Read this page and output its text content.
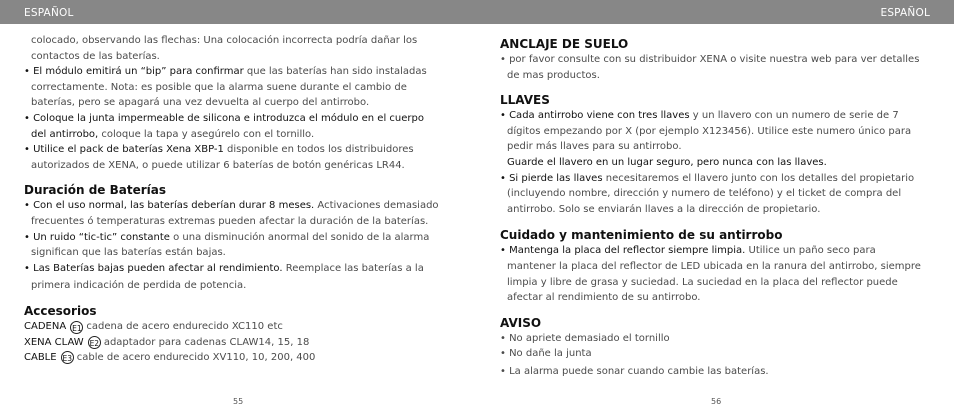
ESPAÑOL	ESPAÑOL
colocado, observando las flechas: Una colocación incorrecta podría dañar los
contactos de las baterías.
• El módulo emitirá un “bip” para confirmar que las baterías han sido instaladas
correctamente. Nota: es posible que la alarma suene durante el cambio de
baterías, pero se apagará una vez devuelta al cuerpo del antirrobo.
• Coloque la junta impermeable de silicona e introduzca el módulo en el cuerpo
del antirrobo, coloque la tapa y asegúrelo con el tornillo.
• Utilice el pack de baterías Xena XBP-1 disponible en todos los distribuidores
autorizados de XENA, o puede utilizar 6 baterías de botón genéricas LR44.
Duración de Baterías
• Con el uso normal, las baterías deberían durar 8 meses. Activaciones demasiado
frecuentes ó temperaturas extremas pueden afectar la duración de la baterías.
• Un ruido “tic-tic” constante o una disminución anormal del sonido de la alarma
significan que las baterías están bajas.
• Las Baterías bajas pueden afectar al rendimiento. Reemplace las baterías a la
primera indicación de perdida de potencia.
Accesorios
CADENA
E1 cadena de acero endurecido XC110 etc
XENA CLAW
E2 adaptador para cadenas CLAW14, 15, 18
CABLE
E3 cable de acero endurecido XV110, 10, 200, 400
55
ANCLAJE DE SUELO
• por favor consulte con su distribuidor XENA o visite nuestra web para ver detalles
de mas productos.
LLAVES
• Cada antirrobo viene con tres llaves y un llavero con un numero de serie de 7
dígitos empezando por X (por ejemplo X123456). Utilice este numero único para
pedir más llaves para su antirrobo.
Guarde el llavero en un lugar seguro, pero nunca con las llaves.
• Si pierde las llaves necesitaremos el llavero junto con los detalles del propietario
(incluyendo nombre, dirección y numero de teléfono) y el ticket de compra del
antirrobo. Solo se enviarán llaves a la dirección de propietario.
Cuidado y mantenimiento de su antirrobo
• Mantenga la placa del reflector siempre limpia. Utilice un paño seco para
mantener la placa del reflector de LED ubicada en la ranura del antirrobo, siempre
limpia y libre de grasa y suciedad. La suciedad en la placa del reflector puede
afectar al rendimiento de su antirrobo.
AVISO
• No apriete demasiado el tornillo
• No dañe la junta
• La alarma puede sonar cuando cambie las baterías.
56
